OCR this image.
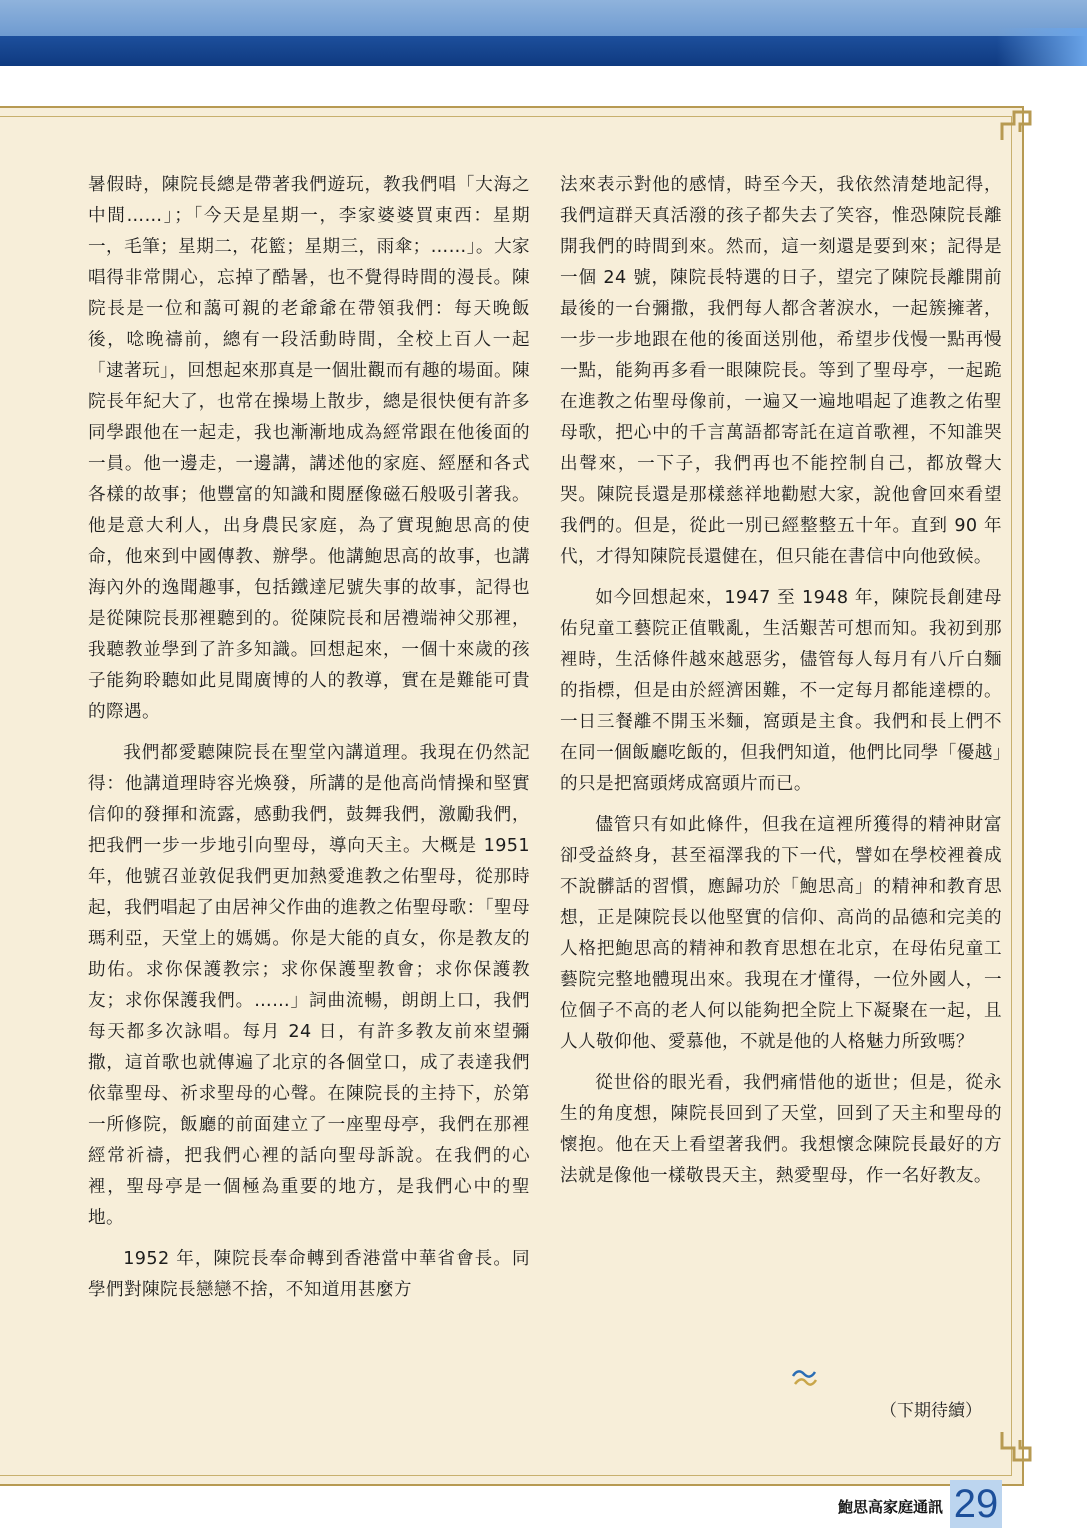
暑假時，陳院長總是帶著我們遊玩，教我們唱「大海之中間……」；「今天是星期一，李家婆婆買東西：星期一，毛筆；星期二，花籃；星期三，雨傘；……」。大家唱得非常開心，忘掉了酷暑，也不覺得時間的漫長。陳院長是一位和藹可親的老爺爺在帶領我們：每天晚飯後，唸晚禱前，總有一段活動時間，全校上百人一起「逮著玩」，回想起來那真是一個壯觀而有趣的場面。陳院長年紀大了，也常在操場上散步，總是很快便有許多同學跟他在一起走，我也漸漸地成為經常跟在他後面的一員。他一邊走，一邊講，講述他的家庭、經歷和各式各樣的故事；他豐富的知識和閱歷像磁石般吸引著我。他是意大利人，出身農民家庭，為了實現鮑思高的使命，他來到中國傳教、辦學。他講鮑思高的故事，也講海內外的逸聞趣事，包括鐵達尼號失事的故事，記得也是從陳院長那裡聽到的。從陳院長和居禮端神父那裡，我聽教並學到了許多知識。回想起來，一個十來歲的孩子能夠聆聽如此見聞廣博的人的教導，實在是難能可貴的際遇。

我們都愛聽陳院長在聖堂內講道理。我現在仍然記得：他講道理時容光煥發，所講的是他高尚情操和堅實信仰的發揮和流露，感動我們，鼓舞我們，激勵我們，把我們一步一步地引向聖母，導向天主。大概是 1951 年，他號召並敦促我們更加熱愛進教之佑聖母，從那時起，我們唱起了由居神父作曲的進教之佑聖母歌：「聖母瑪利亞，天堂上的媽媽。你是大能的貞女，你是教友的助佑。求你保護教宗；求你保護聖教會；求你保護教友；求你保護我們。……」詞曲流暢，朗朗上口，我們每天都多次詠唱。每月 24 日，有許多教友前來望彌撒，這首歌也就傳遍了北京的各個堂口，成了表達我們依靠聖母、祈求聖母的心聲。在陳院長的主持下，於第一所修院，飯廳的前面建立了一座聖母亭，我們在那裡經常祈禱，把我們心裡的話向聖母訴說。在我們的心裡，聖母亭是一個極為重要的地方，是我們心中的聖地。

1952 年，陳院長奉命轉到香港當中華省會長。同學們對陳院長戀戀不捨，不知道用甚麼方

法來表示對他的感情，時至今天，我依然清楚地記得，我們這群天真活潑的孩子都失去了笑容，惟恐陳院長離開我們的時間到來。然而，這一刻還是要到來；記得是一個 24 號，陳院長特選的日子，望完了陳院長離開前最後的一台彌撒，我們每人都含著淚水，一起簇擁著，一步一步地跟在他的後面送別他，希望步伐慢一點再慢一點，能夠再多看一眼陳院長。等到了聖母亭，一起跪在進教之佑聖母像前，一遍又一遍地唱起了進教之佑聖母歌，把心中的千言萬語都寄託在這首歌裡，不知誰哭出聲來，一下子，我們再也不能控制自己，都放聲大哭。陳院長還是那樣慈祥地勸慰大家，說他會回來看望我們的。但是，從此一別已經整整五十年。直到 90 年代，才得知陳院長還健在，但只能在書信中向他致候。

如今回想起來，1947 至 1948 年，陳院長創建母佑兒童工藝院正值戰亂，生活艱苦可想而知。我初到那裡時，生活條件越來越惡劣，儘管每人每月有八斤白麵的指標，但是由於經濟困難，不一定每月都能達標的。一日三餐離不開玉米麵，窩頭是主食。我們和長上們不在同一個飯廳吃飯的，但我們知道，他們比同學「優越」的只是把窩頭烤成窩頭片而已。

儘管只有如此條件，但我在這裡所獲得的精神財富卻受益終身，甚至福澤我的下一代，譬如在學校裡養成不說髒話的習慣，應歸功於「鮑思高」的精神和教育思想，正是陳院長以他堅實的信仰、高尚的品德和完美的人格把鮑思高的精神和教育思想在北京，在母佑兒童工藝院完整地體現出來。我現在才懂得，一位外國人，一位個子不高的老人何以能夠把全院上下凝聚在一起，且人人敬仰他、愛慕他，不就是他的人格魅力所致嗎？

從世俗的眼光看，我們痛惜他的逝世；但是，從永生的角度想，陳院長回到了天堂，回到了天主和聖母的懷抱。他在天上看望著我們。我想懷念陳院長最好的方法就是像他一樣敬畏天主，熱愛聖母，作一名好教友。

（下期待續）
鮑思高家庭通訊 29
